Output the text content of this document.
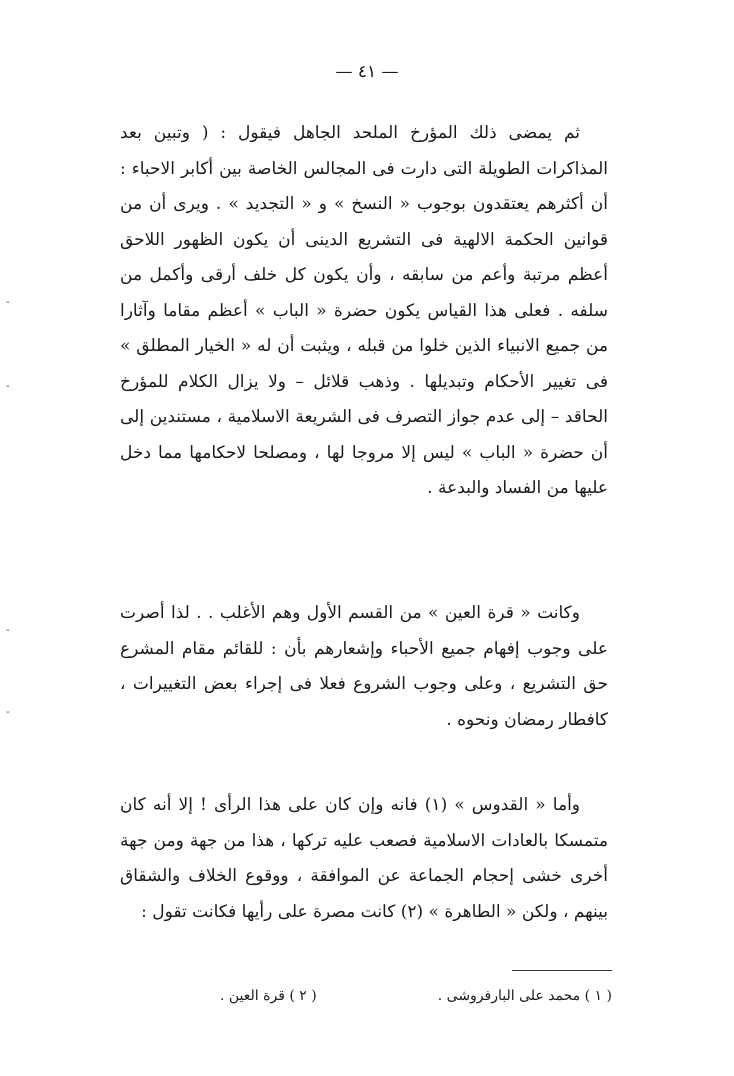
— ٤١ —

ثم يمضى ذلك المؤرخ الملحد الجاهل فيقول : ( وتبين بعد المذاكرات الطويلة التى دارت فى المجالس الخاصة بين أكابر الاحباء : أن أكثرهم يعتقدون بوجوب « النسخ » و « التجديد » . ويرى أن من قوانين الحكمة الالهية فى التشريع الدينى أن يكون الظهور اللاحق أعظم مرتبة وأعم من سابقه ، وأن يكون كل خلف أرقى وأكمل من سلفه . فعلى هذا القياس يكون حضرة « الباب » أعظم مقاما وآثارا من جميع الانبياء الذين خلوا من قبله ، ويثبت أن له « الخيار المطلق » فى تغيير الأحكام وتبديلها . وذهب قلائل – ولا يزال الكلام للمؤرخ الحاقد – إلى عدم جواز التصرف فى الشريعة الاسلامية ، مستندين إلى أن حضرة « الباب » ليس إلا مروجا لها ، ومصلحا لاحكامها مما دخل عليها من الفساد والبدعة .

وكانت « قرة العين » من القسم الأول وهم الأغلب . . لذا أصرت على وجوب إفهام جميع الأحباء وإشعارهم بأن : للقائم مقام المشرع حق التشريع ، وعلى وجوب الشروع فعلا فى إجراء بعض التغييرات ، كافطار رمضان ونحوه .

وأما « القدوس » (١) فانه وإن كان على هذا الرأى ! إلا أنه كان متمسكا بالعادات الاسلامية فصعب عليه تركها ، هذا من جهة ومن جهة أخرى خشى إحجام الجماعة عن الموافقة ، ووقوع الخلاف والشقاق بينهم ، ولكن « الطاهرة » (٢) كانت مصرة على رأيها فكانت تقول :

( ١ ) محمد على البارفروشى .
( ٢ ) قرة العين .
-
-
-
-
